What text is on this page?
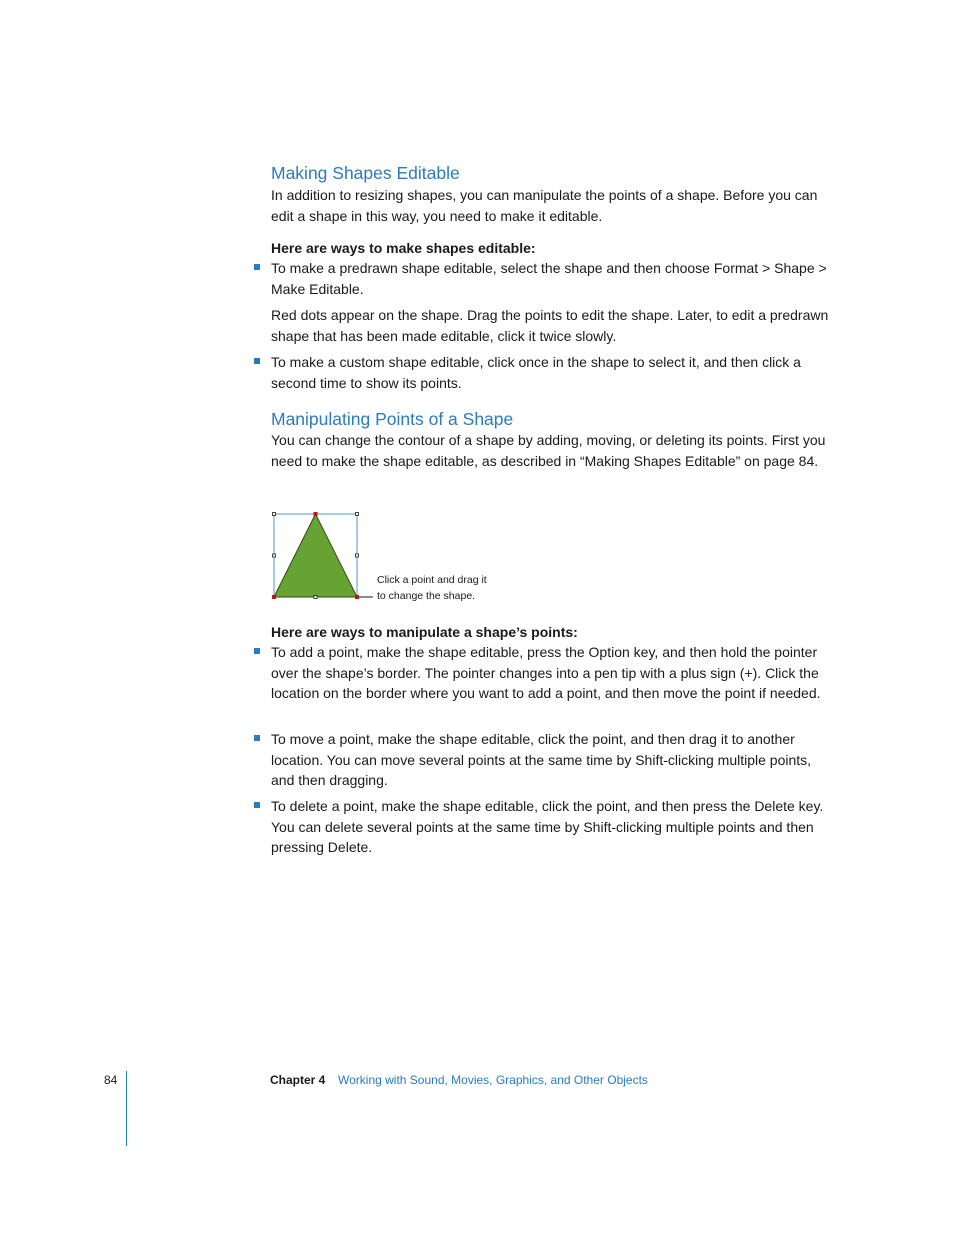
Making Shapes Editable

In addition to resizing shapes, you can manipulate the points of a shape. Before you can edit a shape in this way, you need to make it editable.

Here are ways to make shapes editable:

To make a predrawn shape editable, select the shape and then choose Format > Shape > Make Editable.

Red dots appear on the shape. Drag the points to edit the shape. Later, to edit a predrawn shape that has been made editable, click it twice slowly.

To make a custom shape editable, click once in the shape to select it, and then click a second time to show its points.

Manipulating Points of a Shape

You can change the contour of a shape by adding, moving, or deleting its points. First you need to make the shape editable, as described in “Making Shapes Editable” on page 84.

Click a point and drag it
to change the shape.

Here are ways to manipulate a shape’s points:

To add a point, make the shape editable, press the Option key, and then hold the pointer over the shape’s border. The pointer changes into a pen tip with a plus sign (+). Click the location on the border where you want to add a point, and then move the point if needed.

To move a point, make the shape editable, click the point, and then drag it to another location. You can move several points at the same time by Shift-clicking multiple points, and then dragging.

To delete a point, make the shape editable, click the point, and then press the Delete key. You can delete several points at the same time by Shift-clicking multiple points and then pressing Delete.

84	Chapter 4 Working with Sound, Movies, Graphics, and Other Objects
